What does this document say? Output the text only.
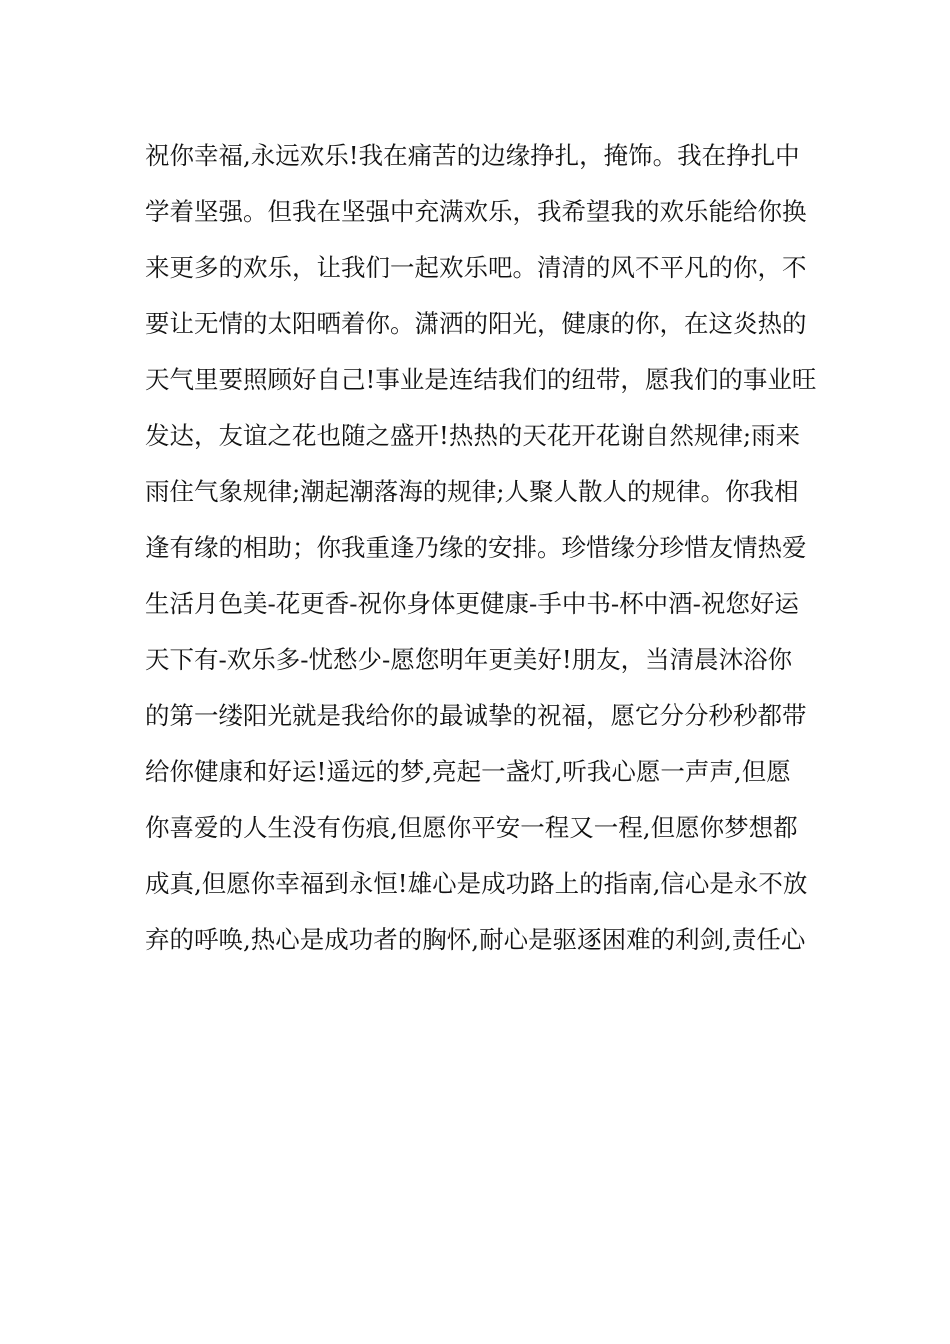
祝你幸福,永远欢乐!我在痛苦的边缘挣扎，掩饰。我在挣扎中
学着坚强。但我在坚强中充满欢乐，我希望我的欢乐能给你换
来更多的欢乐，让我们一起欢乐吧。清清的风不平凡的你，不
要让无情的太阳晒着你。潇洒的阳光，健康的你，在这炎热的
天气里要照顾好自己!事业是连结我们的纽带，愿我们的事业旺
发达，友谊之花也随之盛开!热热的天花开花谢自然规律;雨来
雨住气象规律;潮起潮落海的规律;人聚人散人的规律。你我相
逢有缘的相助；你我重逢乃缘的安排。珍惜缘分珍惜友情热爱
生活月色美-花更香-祝你身体更健康-手中书-杯中酒-祝您好运
天下有-欢乐多-忧愁少-愿您明年更美好!朋友，当清晨沐浴你
的第一缕阳光就是我给你的最诚挚的祝福，愿它分分秒秒都带
给你健康和好运!遥远的梦,亮起一盏灯,听我心愿一声声,但愿
你喜爱的人生没有伤痕,但愿你平安一程又一程,但愿你梦想都
成真,但愿你幸福到永恒!雄心是成功路上的指南,信心是永不放
弃的呼唤,热心是成功者的胸怀,耐心是驱逐困难的利剑,责任心
